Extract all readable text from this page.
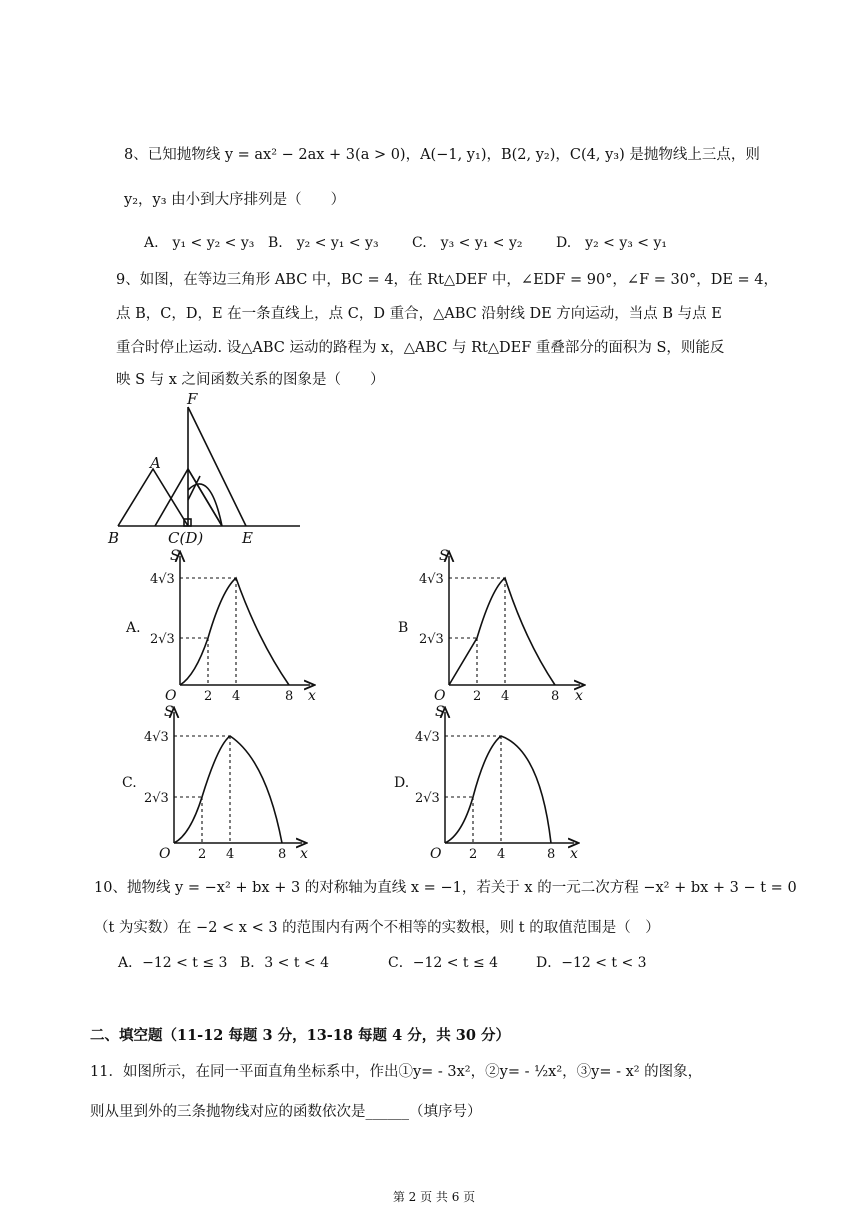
8、已知抛物线 y = ax² − 2ax + 3(a > 0)，A(−1, y₁)，B(2, y₂)，C(4, y₃) 是抛物线上三点，则
y₂，y₃ 由小到大序排列是（　　）
A.　y₁ < y₂ < y₃ B.　y₂ < y₁ < y₃ C.　y₃ < y₁ < y₂ D.　y₂ < y₃ < y₁
9、如图，在等边三角形 ABC 中，BC = 4，在 Rt△DEF 中，∠EDF = 90°，∠F = 30°，DE = 4，
点 B，C，D，E 在一条直线上，点 C，D 重合，△ABC 沿射线 DE 方向运动，当点 B 与点 E
重合时停止运动. 设△ABC 运动的路程为 x，△ABC 与 Rt△DEF 重叠部分的面积为 S，则能反
映 S 与 x 之间函数关系的图象是（　　）
F
A
B	C(D)	E
A.	B
C.	D.
S
4√3
2√3
O 2 4	8 x
S
4√3
2√3
O 2 4	8 x
S
4√3
2√3
O 2 4	8 x
S
4√3
2√3
O 2 4	8 x
10、抛物线 y = −x² + bx + 3 的对称轴为直线 x = −1，若关于 x 的一元二次方程 −x² + bx + 3 − t = 0
（t 为实数）在 −2 < x < 3 的范围内有两个不相等的实数根，则 t 的取值范围是（　）
A．−12 < t ≤ 3 B．3 < t < 4	C．−12 < t ≤ 4	D．−12 < t < 3
二、填空题（11-12 每题 3 分，13-18 每题 4 分，共 30 分）
11．如图所示，在同一平面直角坐标系中，作出①y= - 3x²，②y= - ½x²，③y= - x² 的图象，
则从里到外的三条抛物线对应的函数依次是______（填序号）
第 2 页 共 6 页
